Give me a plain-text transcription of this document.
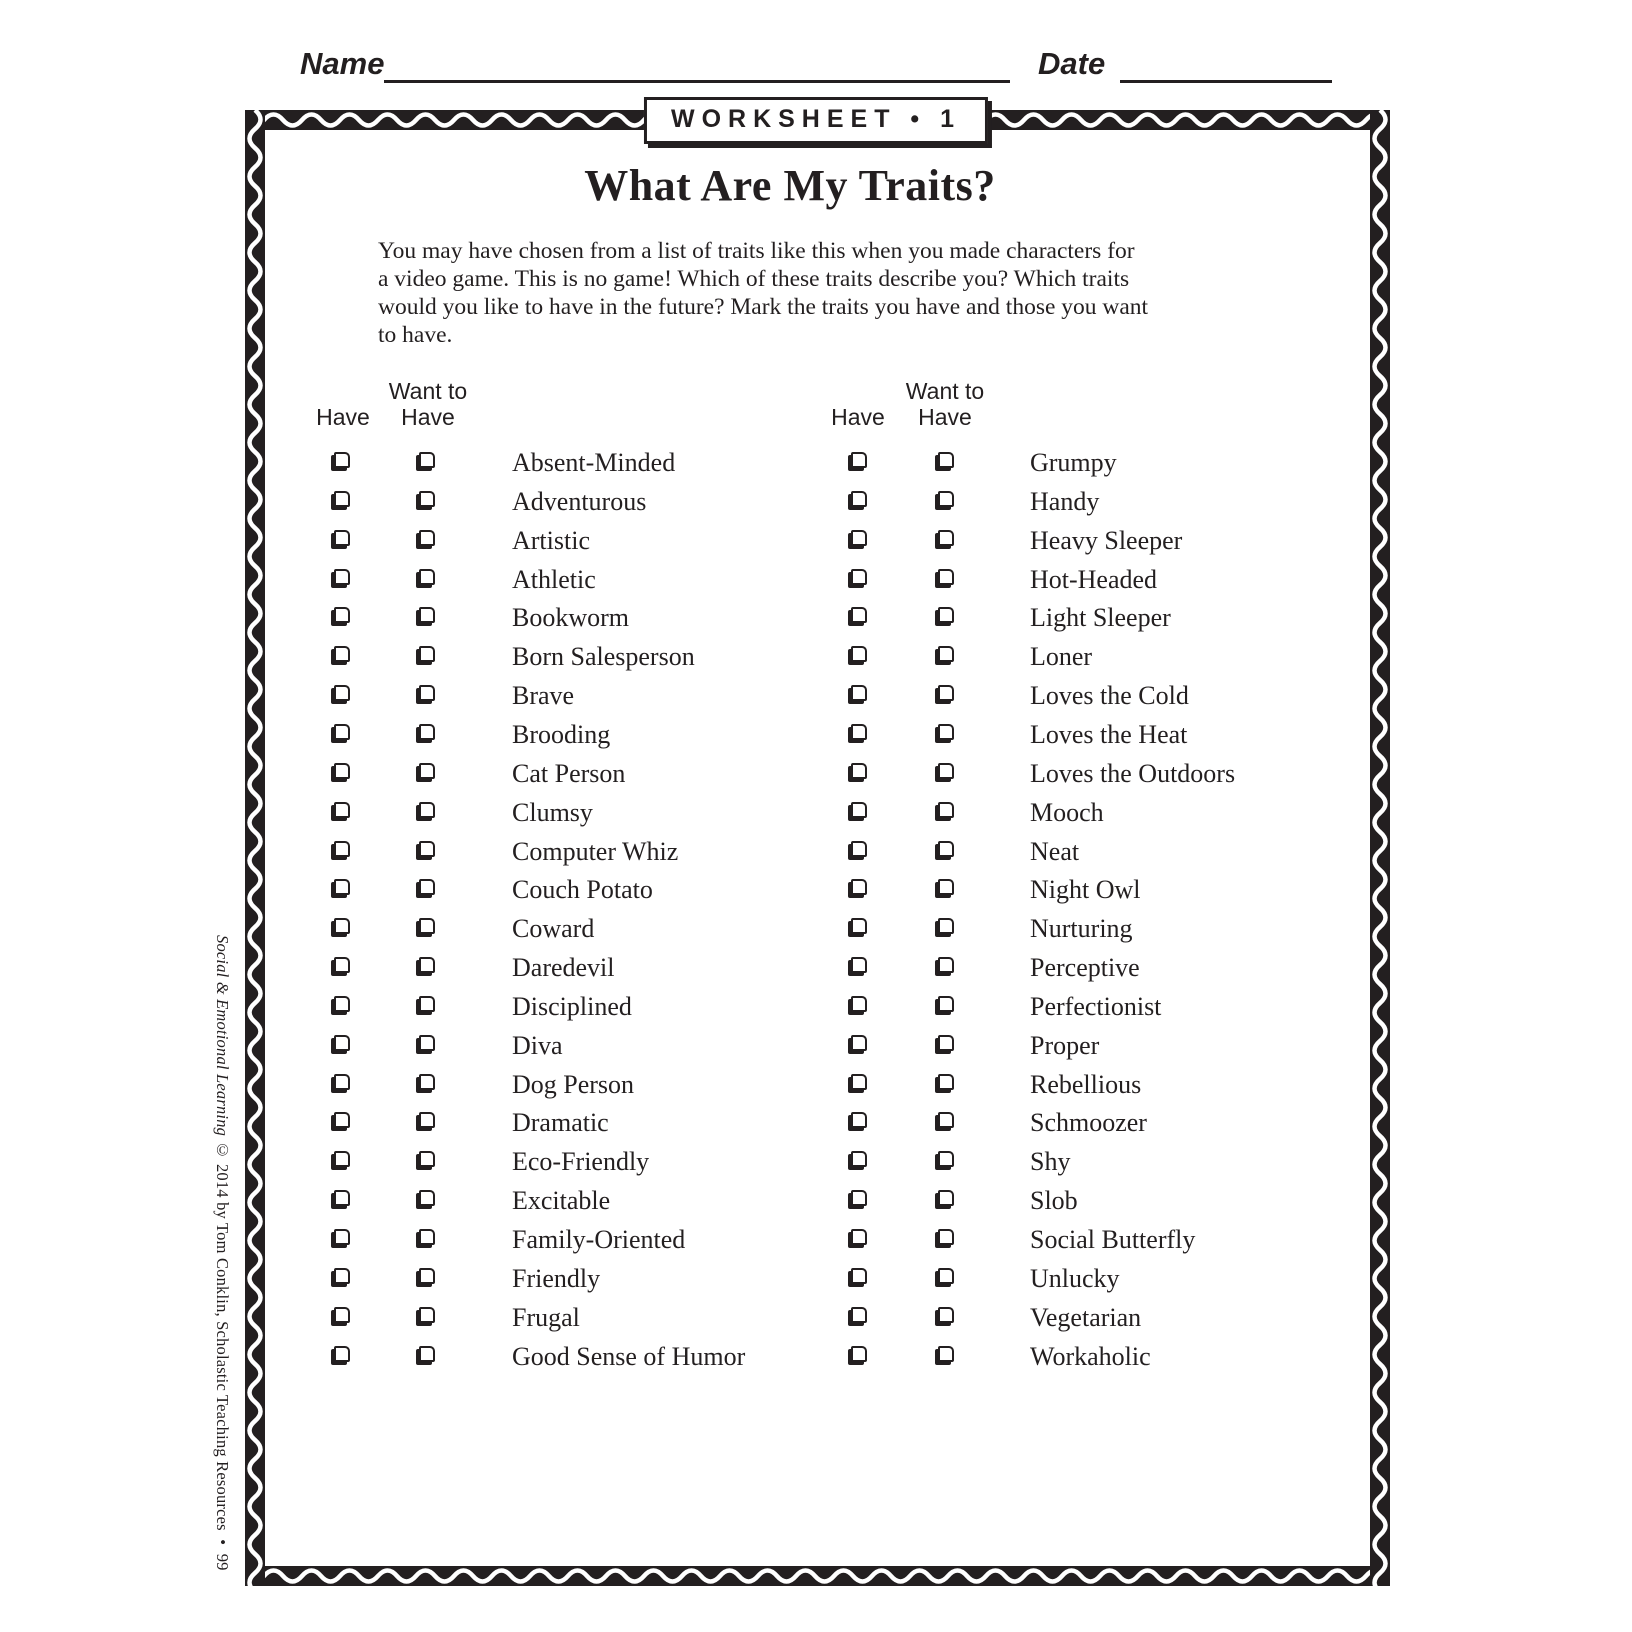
Name	Date
WORKSHEET • 1
What Are My Traits?
You may have chosen from a list of traits like this when you made characters for
a video game. This is no game! Which of these traits describe you? Which traits
would you like to have in the future? Mark the traits you have and those you want
to have.
Have
Want to Have	Have
Want to Have
Absent-Minded
Adventurous
Artistic
Athletic
Bookworm
Born Salesperson
Brave
Brooding
Cat Person
Clumsy
Computer Whiz
Couch Potato
Coward
Daredevil
Disciplined
Diva
Dog Person
Dramatic
Eco-Friendly
Excitable
Family-Oriented
Friendly
Frugal
Good Sense of Humor
Grumpy
Handy
Heavy Sleeper
Hot-Headed
Light Sleeper
Loner
Loves the Cold
Loves the Heat
Loves the Outdoors
Mooch
Neat
Night Owl
Nurturing
Perceptive
Perfectionist
Proper
Rebellious
Schmoozer
Shy
Slob
Social Butterfly
Unlucky
Vegetarian
Workaholic
Social & Emotional Learning © 2014 by Tom Conklin, Scholastic Teaching Resources • 99
